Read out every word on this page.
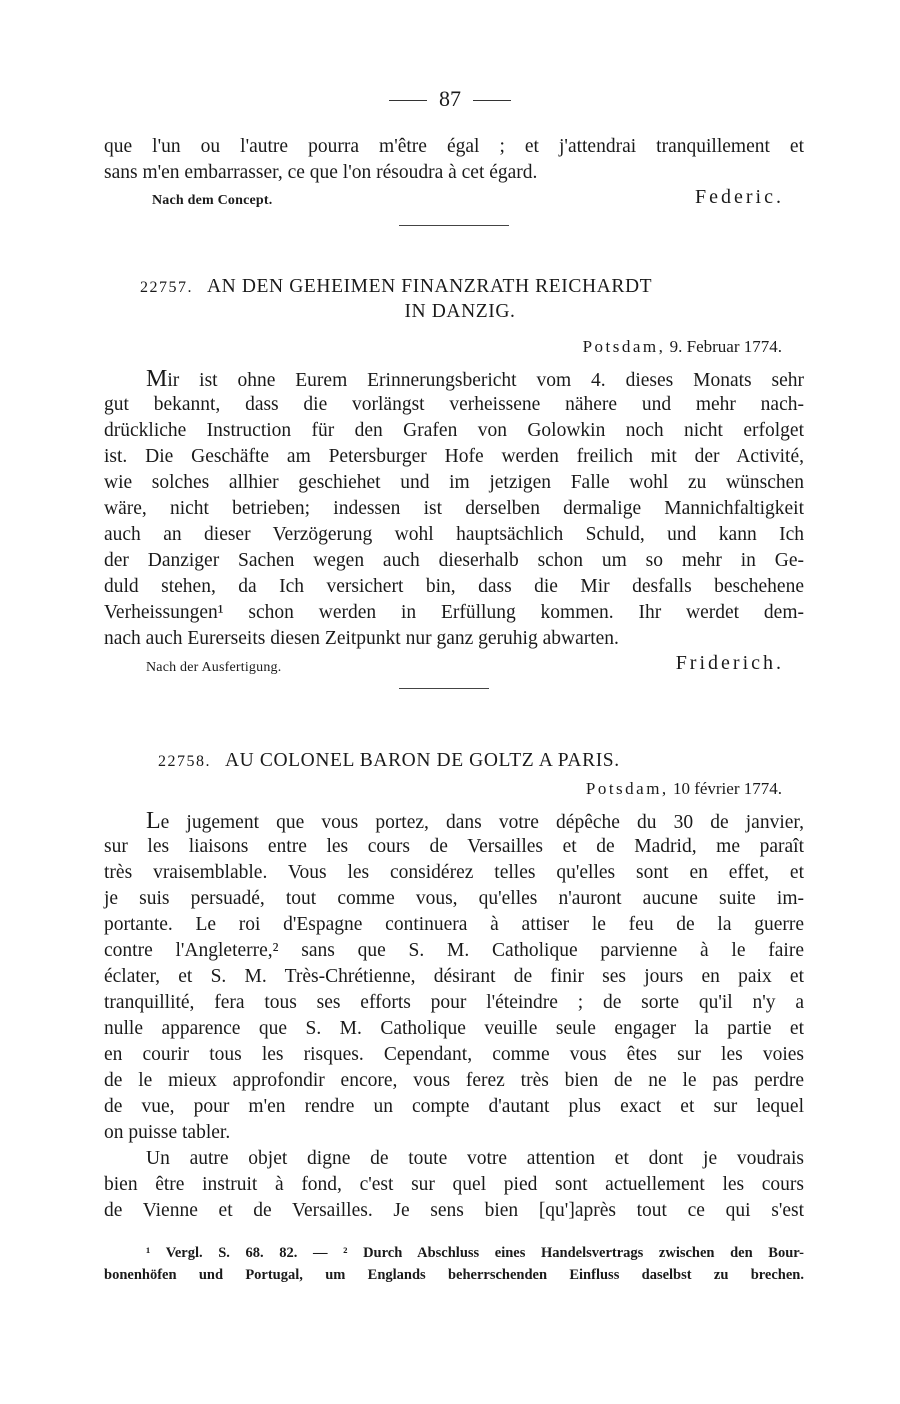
87
que l'un ou l'autre pourra m'être égal ; et j'attendrai tranquillement et
sans m'en embarrasser, ce que l'on résoudra à cet égard.
Nach dem Concept.	Federic.
22757. AN DEN GEHEIMEN FINANZRATH REICHARDT
IN DANZIG.
Potsdam, 9. Februar 1774.
Mir ist ohne Eurem Erinnerungsbericht vom 4. dieses Monats sehr
gut bekannt, dass die vorlängst verheissene nähere und mehr nach-
drückliche Instruction für den Grafen von Golowkin noch nicht erfolget
ist. Die Geschäfte am Petersburger Hofe werden freilich mit der Activité,
wie solches allhier geschiehet und im jetzigen Falle wohl zu wünschen
wäre, nicht betrieben; indessen ist derselben dermalige Mannichfaltigkeit
auch an dieser Verzögerung wohl hauptsächlich Schuld, und kann Ich
der Danziger Sachen wegen auch dieserhalb schon um so mehr in Ge-
duld stehen, da Ich versichert bin, dass die Mir desfalls beschehene
Verheissungen¹ schon werden in Erfüllung kommen. Ihr werdet dem-
nach auch Eurerseits diesen Zeitpunkt nur ganz geruhig abwarten.
Nach der Ausfertigung.	Friderich.
22758. AU COLONEL BARON DE GOLTZ A PARIS.
Potsdam, 10 février 1774.
Le jugement que vous portez, dans votre dépêche du 30 de janvier,
sur les liaisons entre les cours de Versailles et de Madrid, me paraît
très vraisemblable. Vous les considérez telles qu'elles sont en effet, et
je suis persuadé, tout comme vous, qu'elles n'auront aucune suite im-
portante. Le roi d'Espagne continuera à attiser le feu de la guerre
contre l'Angleterre,² sans que S. M. Catholique parvienne à le faire
éclater, et S. M. Très-Chrétienne, désirant de finir ses jours en paix et
tranquillité, fera tous ses efforts pour l'éteindre ; de sorte qu'il n'y a
nulle apparence que S. M. Catholique veuille seule engager la partie et
en courir tous les risques. Cependant, comme vous êtes sur les voies
de le mieux approfondir encore, vous ferez très bien de ne le pas perdre
de vue, pour m'en rendre un compte d'autant plus exact et sur lequel
on puisse tabler.
Un autre objet digne de toute votre attention et dont je voudrais
bien être instruit à fond, c'est sur quel pied sont actuellement les cours
de Vienne et de Versailles. Je sens bien [qu']après tout ce qui s'est
¹ Vergl. S. 68. 82. — ² Durch Abschluss eines Handelsvertrags zwischen den Bour-
bonenhöfen und Portugal, um Englands beherrschenden Einfluss daselbst zu brechen.
